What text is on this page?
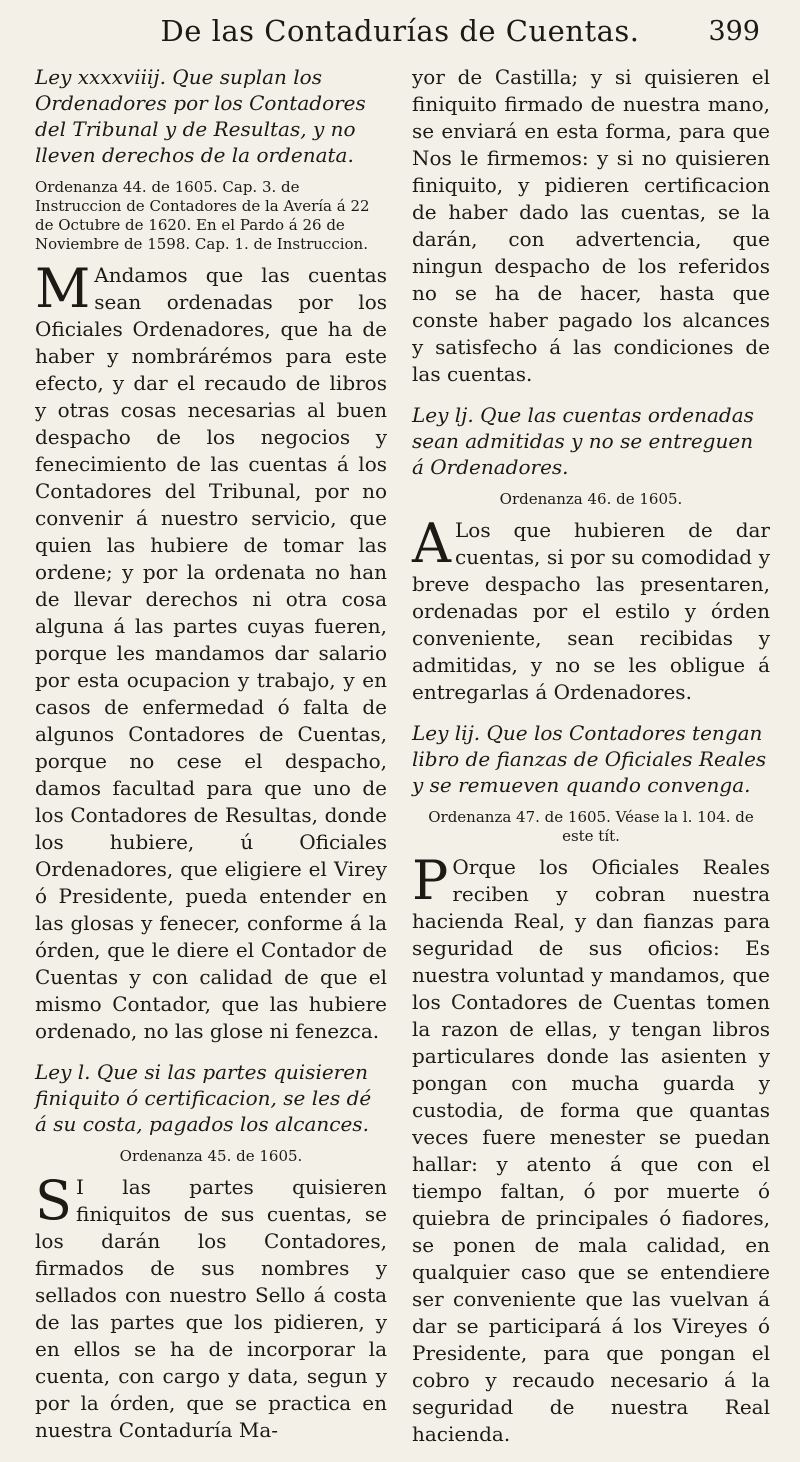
De las Contadurías de Cuentas.	399
Ley xxxxviiij. Que suplan los Ordenadores por los Contadores del Tribunal y de Resultas, y no lleven derechos de la ordenata.
Ordenanza 44. de 1605. Cap. 3. de Instruccion de Contadores de la Avería á 22 de Octubre de 1620. En el Pardo á 26 de Noviembre de 1598. Cap. 1. de Instruccion.

M Andamos que las cuentas sean ordenadas por los Oficiales Ordenadores, que ha de haber y nombrárémos para este efecto, y dar el recaudo de libros y otras cosas necesarias al buen despacho de los negocios y fenecimiento de las cuentas á los Contadores del Tribunal, por no convenir á nuestro servicio, que quien las hubiere de tomar las ordene; y por la ordenata no han de llevar derechos ni otra cosa alguna á las partes cuyas fueren, porque les mandamos dar salario por esta ocupacion y trabajo, y en casos de enfermedad ó falta de algunos Contadores de Cuentas, porque no cese el despacho, damos facultad para que uno de los Contadores de Resultas, donde los hubiere, ú Oficiales Ordenadores, que eligiere el Virey ó Presidente, pueda entender en las glosas y fenecer, conforme á la órden, que le diere el Contador de Cuentas y con calidad de que el mismo Contador, que las hubiere ordenado, no las glose ni fenezca.

Ley l. Que si las partes quisieren finiquito ó certificacion, se les dé á su costa, pagados los alcances.
Ordenanza 45. de 1605.

S I las partes quisieren finiquitos de sus cuentas, se los darán los Contadores, firmados de sus nombres y sellados con nuestro Sello á costa de las partes que los pidieren, y en ellos se ha de incorporar la cuenta, con cargo y data, segun y por la órden, que se practica en nuestra Contaduría Ma-

yor de Castilla; y si quisieren el finiquito firmado de nuestra mano, se enviará en esta forma, para que Nos le firmemos: y si no quisieren finiquito, y pidieren certificacion de haber dado las cuentas, se la darán, con advertencia, que ningun despacho de los referidos no se ha de hacer, hasta que conste haber pagado los alcances y satisfecho á las condiciones de las cuentas.

Ley lj. Que las cuentas ordenadas sean admitidas y no se entreguen á Ordenadores.
Ordenanza 46. de 1605.

A Los que hubieren de dar cuentas, si por su comodidad y breve despacho las presentaren, ordenadas por el estilo y órden conveniente, sean recibidas y admitidas, y no se les obligue á entregarlas á Ordenadores.

Ley lij. Que los Contadores tengan libro de fianzas de Oficiales Reales y se remueven quando convenga.
Ordenanza 47. de 1605. Véase la l. 104. de este tít.

P Orque los Oficiales Reales reciben y cobran nuestra hacienda Real, y dan fianzas para seguridad de sus oficios: Es nuestra voluntad y mandamos, que los Contadores de Cuentas tomen la razon de ellas, y tengan libros particulares donde las asienten y pongan con mucha guarda y custodia, de forma que quantas veces fuere menester se puedan hallar: y atento á que con el tiempo faltan, ó por muerte ó quiebra de principales ó fiadores, se ponen de mala calidad, en qualquier caso que se entendiere ser conveniente que las vuelvan á dar se participará á los Vireyes ó Presidente, para que pongan el cobro y recaudo necesario á la seguridad de nuestra Real hacienda.
